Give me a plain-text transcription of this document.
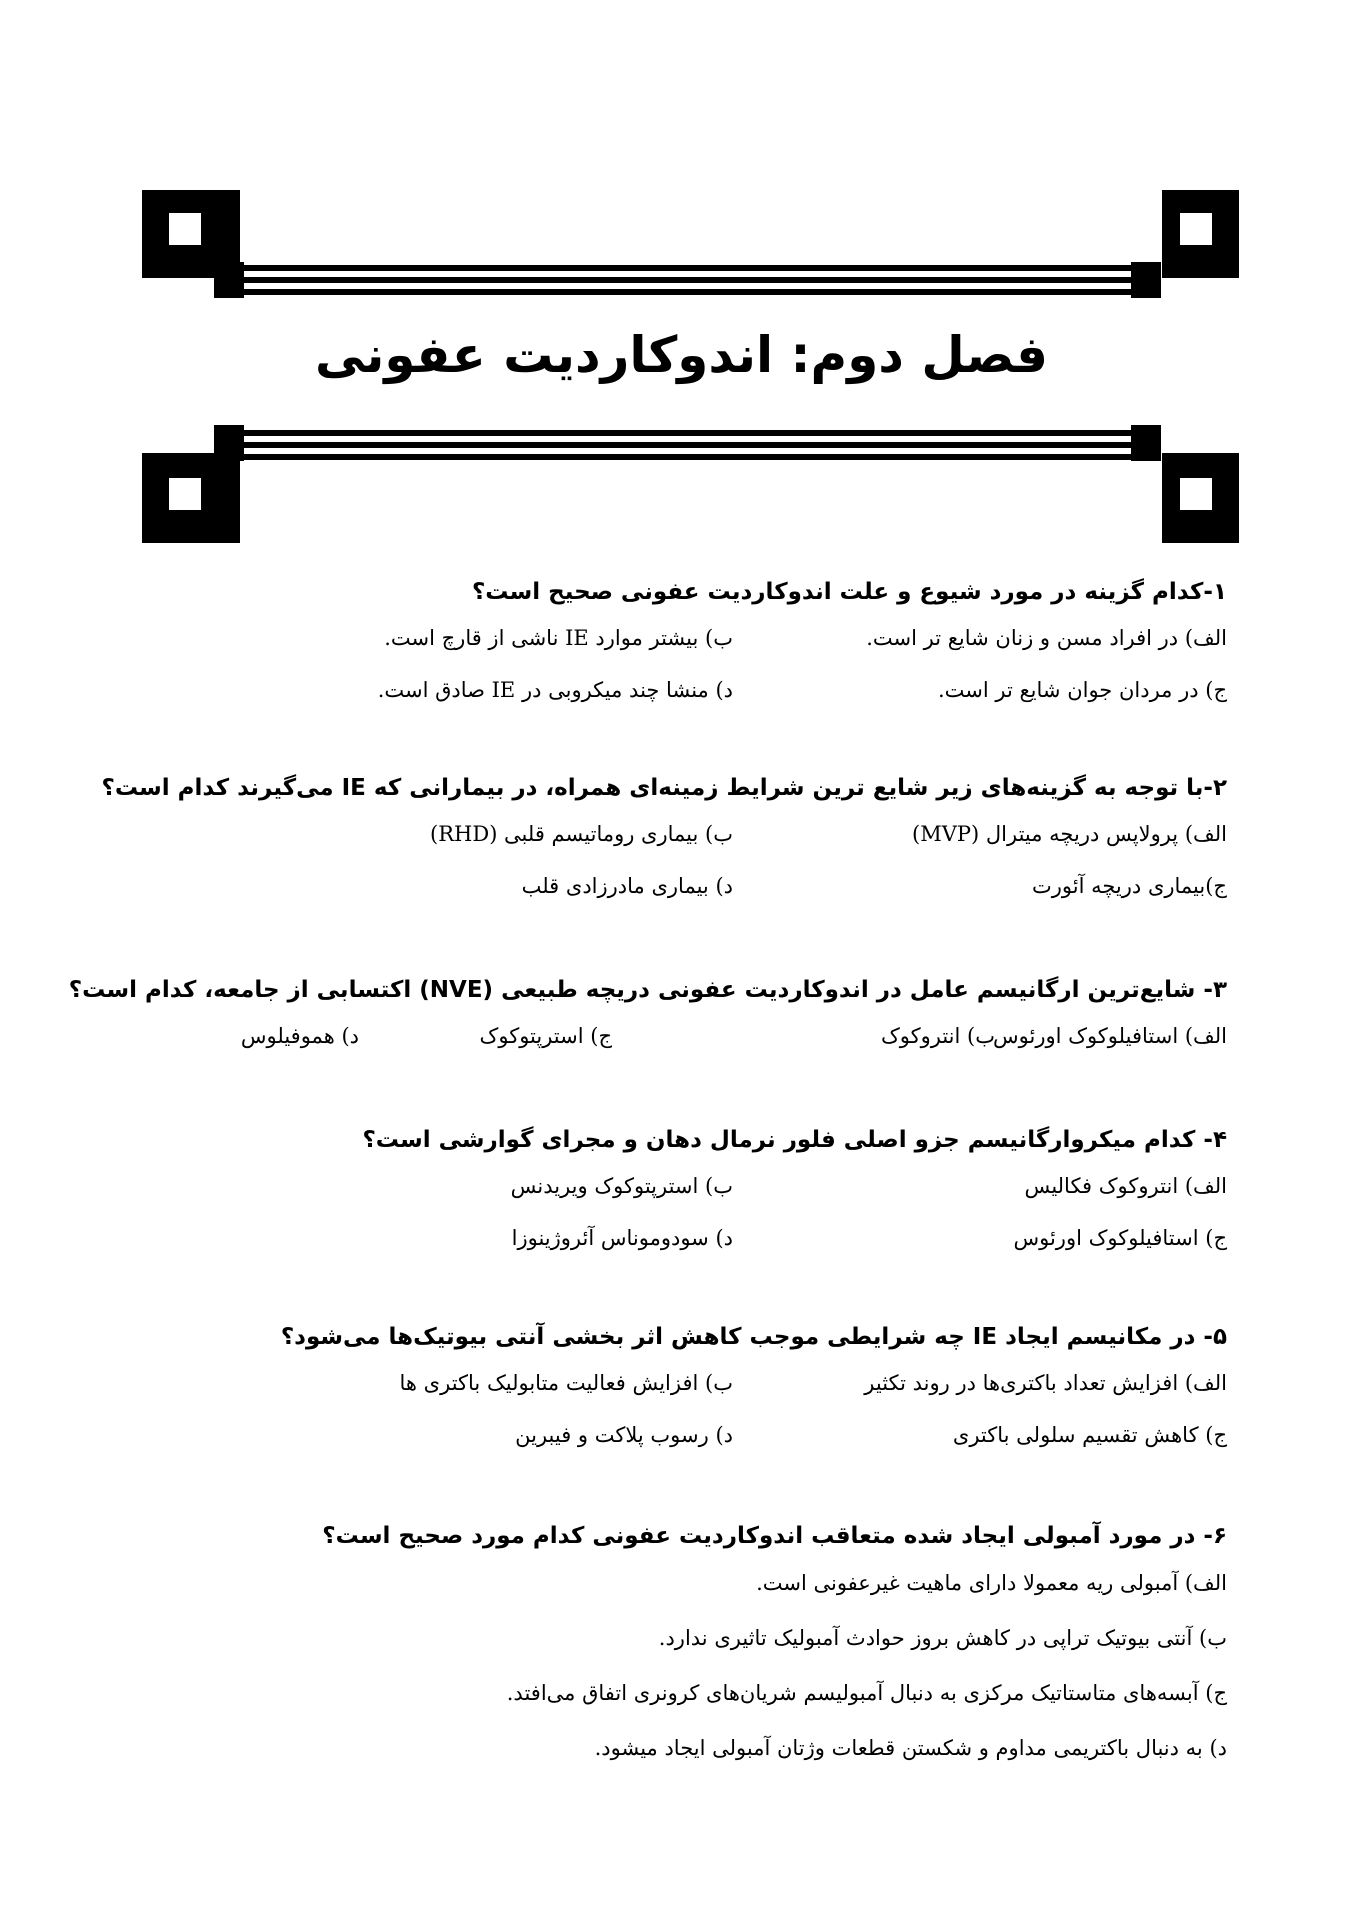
فصل دوم: اندوکاردیت عفونی
۱-کدام گزینه در مورد شیوع و علت اندوکاردیت عفونی صحیح است؟
الف) در افراد مسن و زنان شایع تر است.
ب) بیشتر موارد IE ناشی از قارچ است.
ج) در مردان جوان شایع تر است.
د) منشا چند میکروبی در IE صادق است.
۲-با توجه به گزینه‌های زیر شایع ترین شرایط زمینه‌ای همراه، در بیمارانی که IE می‌گیرند کدام است؟
الف) پرولاپس دریچه میترال (MVP)
ب) بیماری روماتیسم قلبی (RHD)
ج)بیماری دریچه آئورت
د) بیماری مادرزادی قلب
۳- شایع‌ترین ارگانیسم عامل در اندوکاردیت عفونی دریچه طبیعی (NVE) اکتسابی از جامعه، کدام است؟
الف) استافیلوکوک اورئوس
ب) انتروکوک
ج) استرپتوکوک
د) هموفیلوس
۴- کدام میکروارگانیسم جزو اصلی فلور نرمال دهان و مجرای گوارشی است؟
الف) انتروکوک فکالیس
ب) استرپتوکوک ویریدنس
ج) استافیلوکوک اورئوس
د) سودوموناس آئروژینوزا
۵- در مکانیسم ایجاد IE چه شرایطی موجب کاهش اثر بخشی آنتی بیوتیک‌ها می‌شود؟
الف) افزایش تعداد باکتری‌ها در روند تکثیر
ب) افزایش فعالیت متابولیک باکتری ها
ج) کاهش تقسیم سلولی باکتری
د) رسوب پلاکت و فیبرین
۶- در مورد آمبولی ایجاد شده متعاقب اندوکاردیت عفونی کدام مورد صحیح است؟
الف) آمبولی ریه معمولا دارای ماهیت غیرعفونی است.
ب) آنتی بیوتیک تراپی در کاهش بروز حوادث آمبولیک تاثیری ندارد.
ج) آبسه‌های متاستاتیک مرکزی به دنبال آمبولیسم شریان‌های کرونری اتفاق می‌افتد.
د) به دنبال باکتریمی مداوم و شکستن قطعات وژتان آمبولی ایجاد میشود.
